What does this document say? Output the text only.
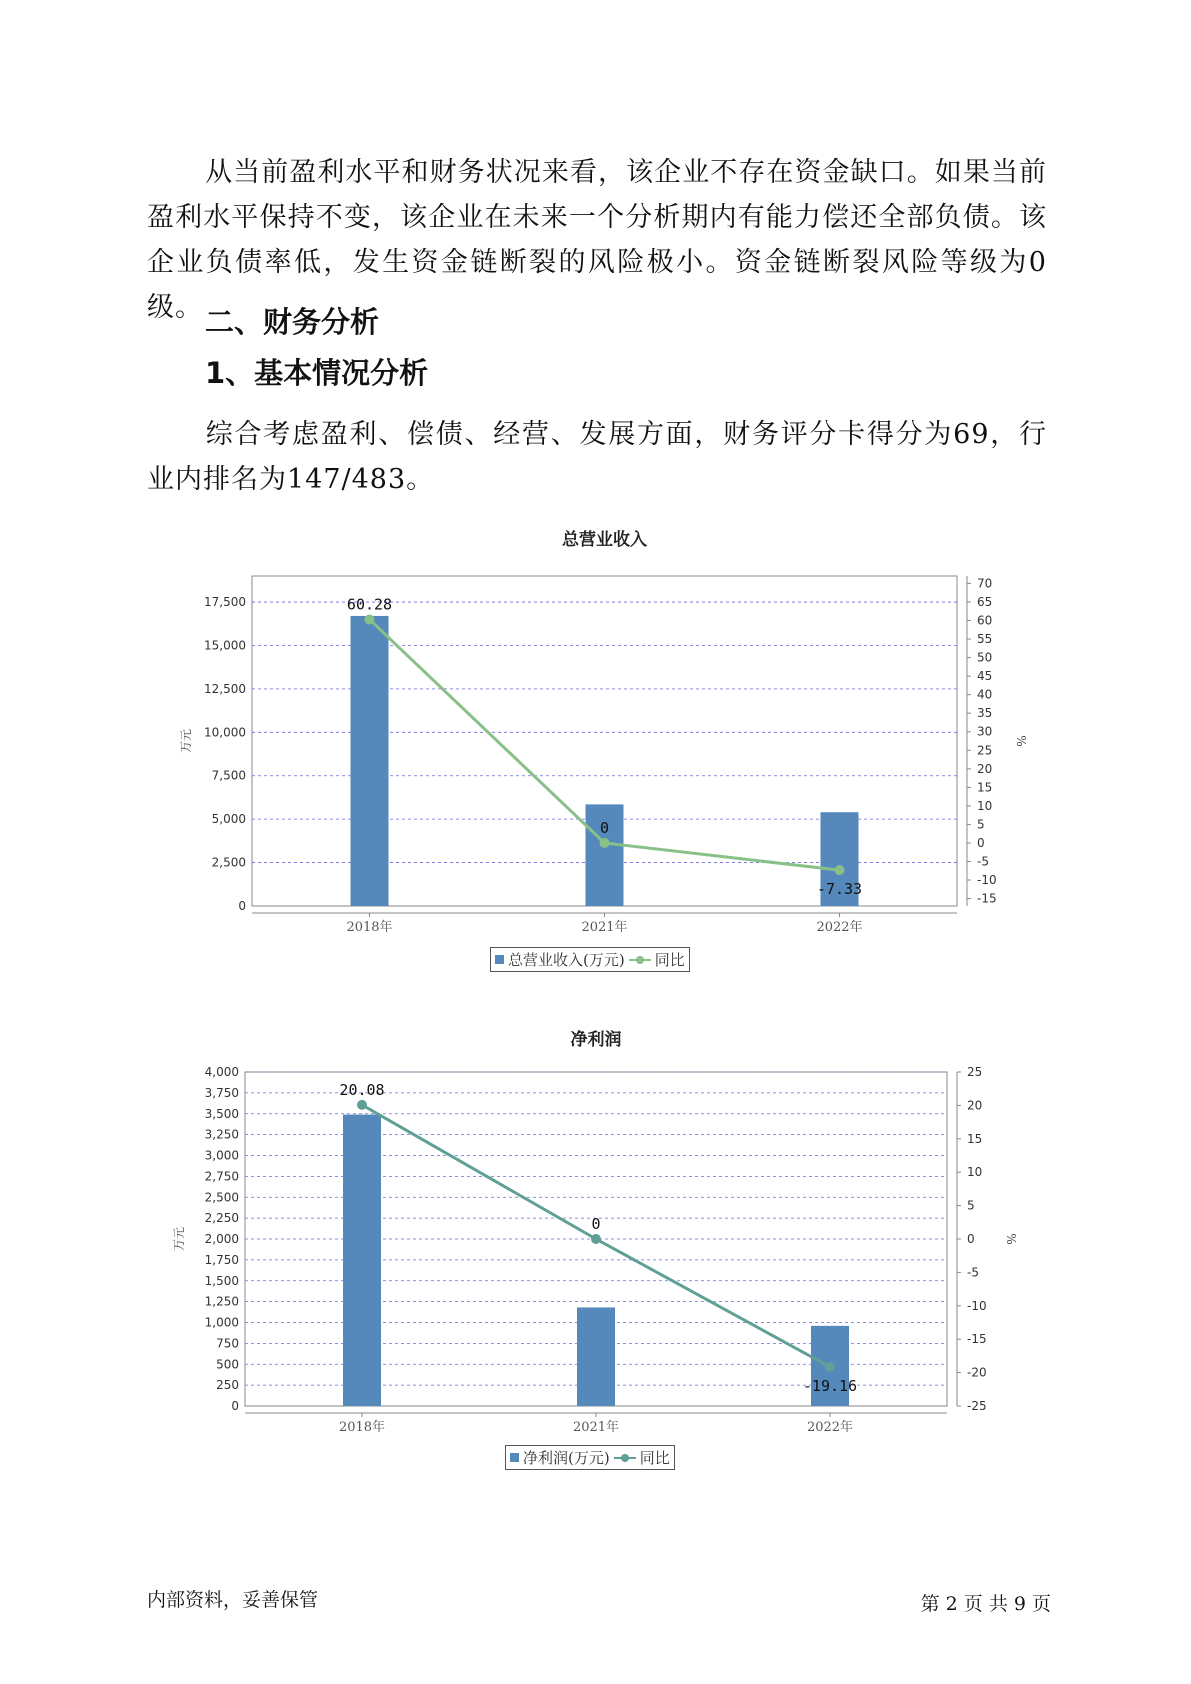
从当前盈利水平和财务状况来看，该企业不存在资金缺口。如果当前盈利水平保持不变，该企业在未来一个分析期内有能力偿还全部负债。该企业负债率低，发生资金链断裂的风险极小。资金链断裂风险等级为0级。 二、财务分析
1、基本情况分析
综合考虑盈利、偿债、经营、发展方面，财务评分卡得分为69，行业内排名为147/483。
总营业收入
0
2,500
5,000
7,500
10,000
12,500
15,000
17,500
-15
-10
-5
0
5
10
15
20
25
30
35
40
45
50
55
60
65
70
万元	%
2018年	2021年	2022年
60.28
0
-7.33
总营业收入(万元) 同比
净利润
0
250
500
750
1,000
1,250
1,500
1,750
2,000
2,250
2,500
2,750
3,000
3,250
3,500
3,750
4,000
-25
-20
-15
-10
-5
0
5
10
15
20
25
万元	%
2018年	2021年	2022年
20.08
0
-19.16
净利润(万元) 同比
内部资料，妥善保管	第 2 页 共 9 页
